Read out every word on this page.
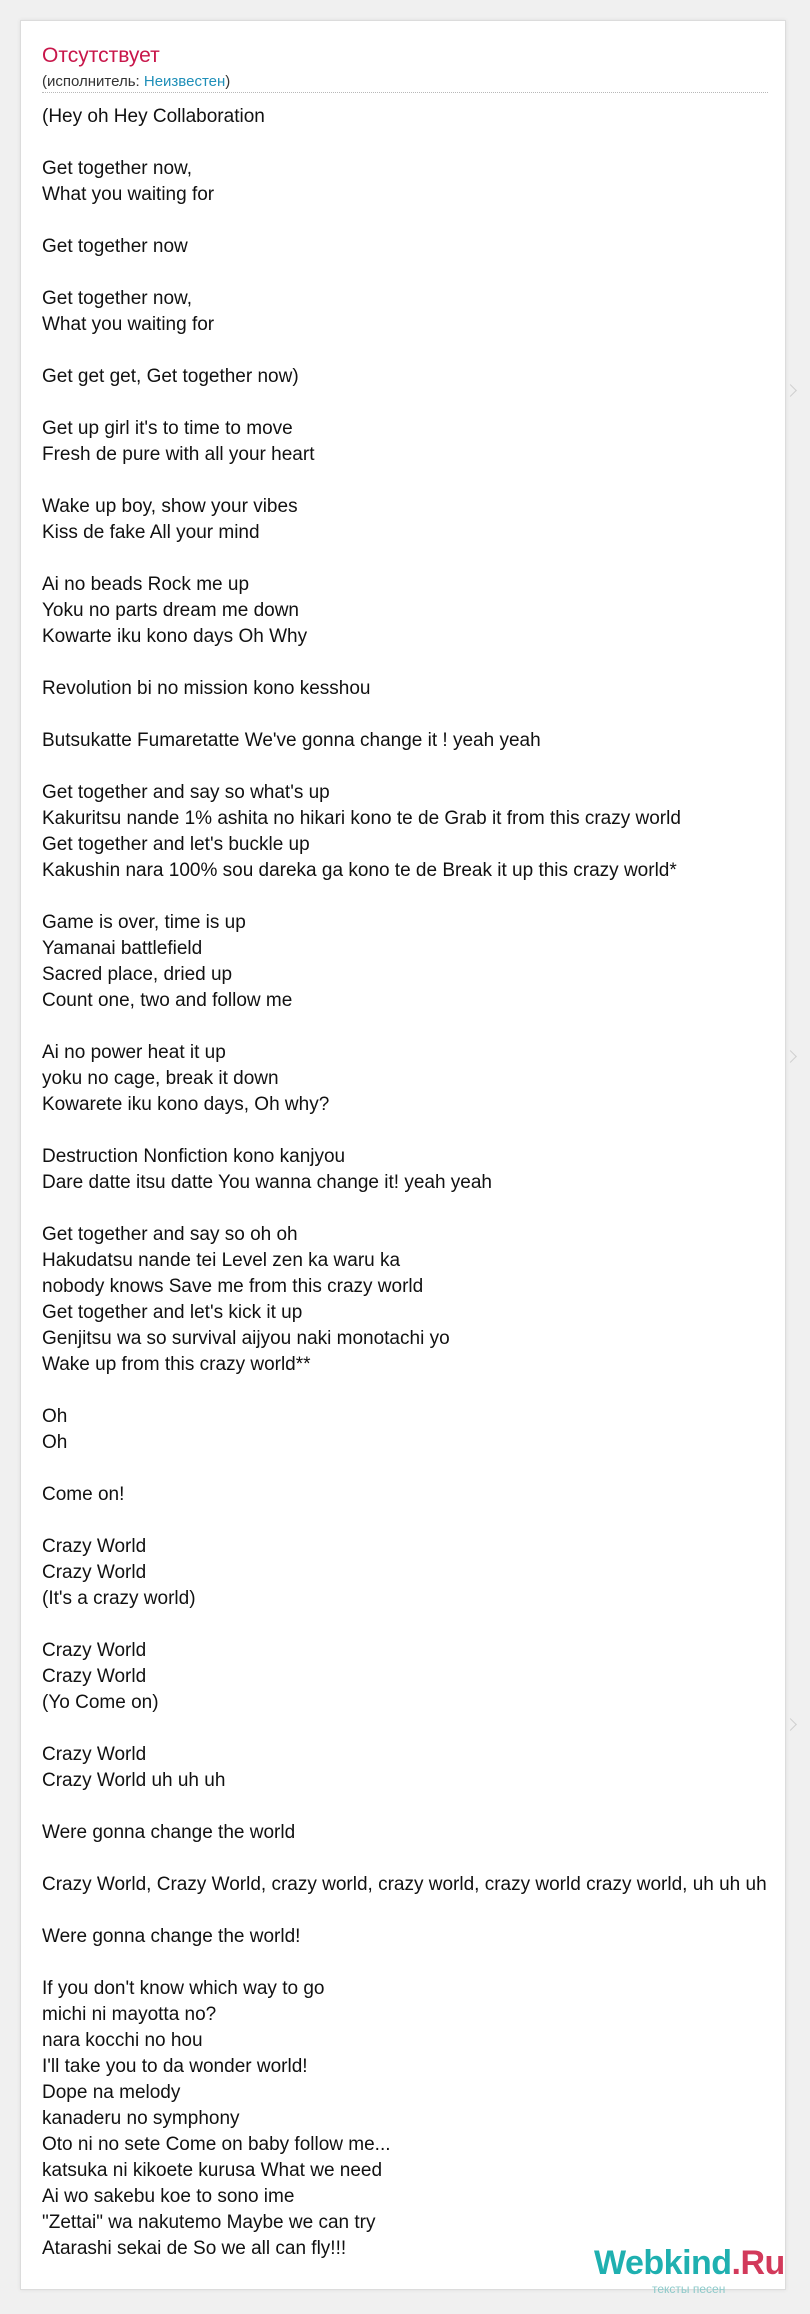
Отсутствует
(исполнитель: Неизвестен)
(Hey oh Hey Collaboration

Get together now,
What you waiting for

Get together now

Get together now,
What you waiting for

Get get get, Get together now)

Get up girl it's to time to move
Fresh de pure with all your heart

Wake up boy, show your vibes
Kiss de fake All your mind

Ai no beads Rock me up
Yoku no parts dream me down
Kowarte iku kono days Oh Why

Revolution bi no mission kono kesshou

Butsukatte Fumaretatte We've gonna change it ! yeah yeah

Get together and say so what's up
Kakuritsu nande 1% ashita no hikari kono te de Grab it from this crazy world
Get together and let's buckle up
Kakushin nara 100% sou dareka ga kono te de Break it up this crazy world*

Game is over, time is up
Yamanai battlefield
Sacred place, dried up
Count one, two and follow me

Ai no power heat it up
yoku no cage, break it down
Kowarete iku kono days, Oh why?

Destruction Nonfiction kono kanjyou
Dare datte itsu datte You wanna change it! yeah yeah

Get together and say so oh oh
Hakudatsu nande tei Level zen ka waru ka
nobody knows Save me from this crazy world
Get together and let's kick it up
Genjitsu wa so survival aijyou naki monotachi yo
Wake up from this crazy world**

Oh
Oh

Come on!

Crazy World
Crazy World
(It's a crazy world)

Crazy World
Crazy World
(Yo Come on)

Crazy World
Crazy World uh uh uh

Were gonna change the world

Crazy World, Crazy World, crazy world, crazy world, crazy world crazy world, uh uh uh

Were gonna change the world!

If you don't know which way to go
michi ni mayotta no?
nara kocchi no hou
I'll take you to da wonder world!
Dope na melody
kanaderu no symphony
Oto ni no sete Come on baby follow me...
katsuka ni kikoete kurusa What we need
Ai wo sakebu koe to sono ime
"Zettai" wa nakutemo Maybe we can try
Atarashi sekai de So we all can fly!!!	Webkind.Ru
тексты песен
